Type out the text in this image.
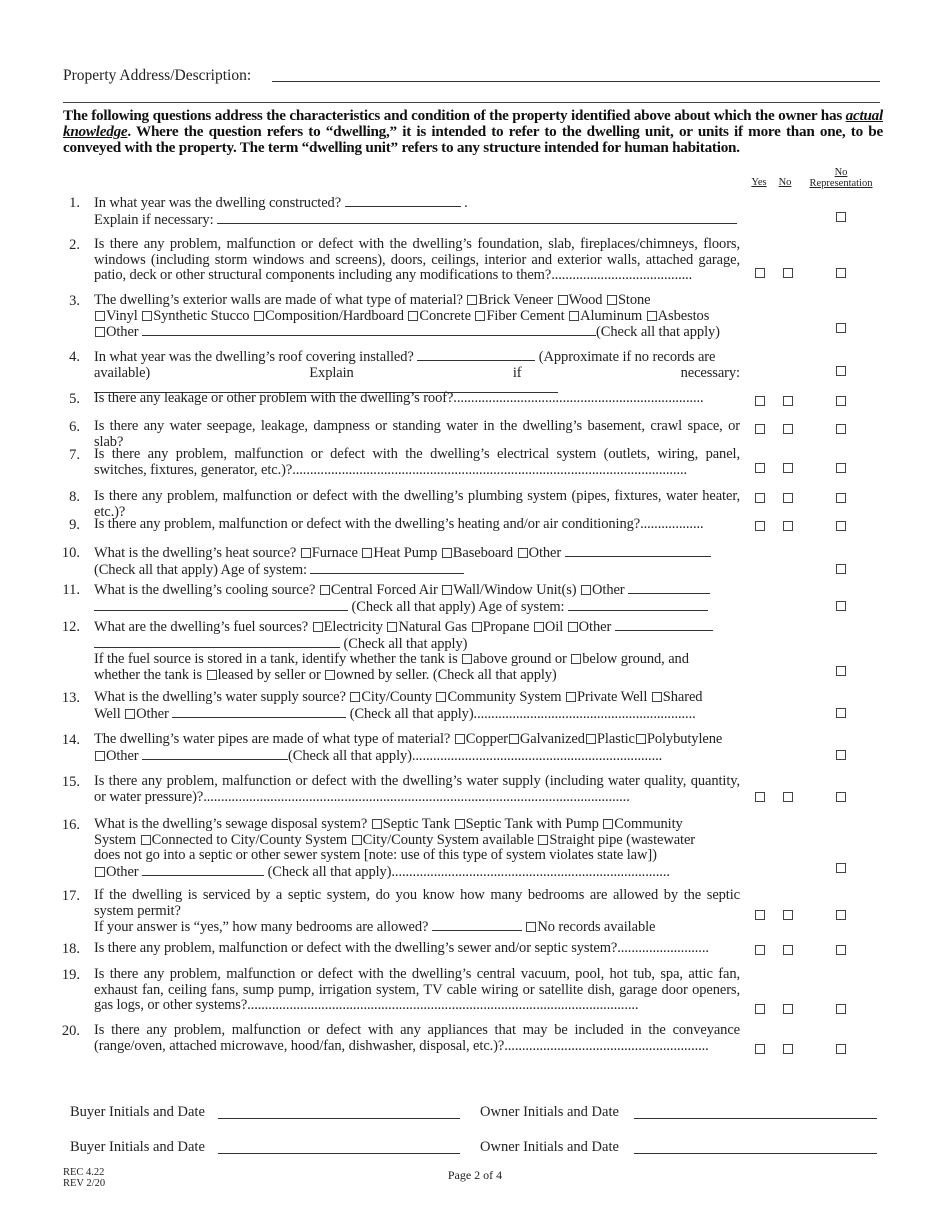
Property Address/Description:
The following questions address the characteristics and condition of the property identified above about which the owner has actual knowledge. Where the question refers to “dwelling,” it is intended to refer to the dwelling unit, or units if more than one, to be conveyed with the property. The term “dwelling unit” refers to any structure intended for human habitation.
Yes	No
No
Representation
1. In what year was the dwelling constructed?	.
Explain if necessary:
2. Is there any problem, malfunction or defect with the dwelling’s foundation, slab, fireplaces/chimneys, floors, windows (including storm windows and screens), doors, ceilings, interior and exterior walls, attached garage, patio, deck or other structural components including any modifications to them?........................................
3. The dwelling’s exterior walls are made of what type of material? Brick Veneer Wood Stone
Vinyl Synthetic Stucco Composition/Hardboard Concrete Fiber Cement Aluminum Asbestos
Other	(Check all that apply)
4. In what year was the dwelling’s roof covering installed?	(Approximate if no records are
available) Explain if necessary:
5. Is there any leakage or other problem with the dwelling’s roof?.......................................................................
6. Is there any water seepage, leakage, dampness or standing water in the dwelling’s basement, crawl space, or slab?
7. Is there any problem, malfunction or defect with the dwelling’s electrical system (outlets, wiring, panel, switches, fixtures, generator, etc.)?................................................................................................................
8. Is there any problem, malfunction or defect with the dwelling’s plumbing system (pipes, fixtures, water heater, etc.)?
9. Is there any problem, malfunction or defect with the dwelling’s heating and/or air conditioning?..................
10. What is the dwelling’s heat source? Furnace Heat Pump Baseboard Other
(Check all that apply) Age of system:
11. What is the dwelling’s cooling source? Central Forced Air Wall/Window Unit(s) Other
(Check all that apply) Age of system:
12. What are the dwelling’s fuel sources? Electricity Natural Gas Propane Oil Other
(Check all that apply)
If the fuel source is stored in a tank, identify whether the tank is above ground or below ground, and
whether the tank is leased by seller or owned by seller. (Check all that apply)
13. What is the dwelling’s water supply source? City/County Community System Private Well Shared
Well Other	(Check all that apply)...............................................................
14. The dwelling’s water pipes are made of what type of material? Copper Galvanized Plastic Polybutylene
Other	(Check all that apply).......................................................................
15. Is there any problem, malfunction or defect with the dwelling’s water supply (including water quality, quantity, or water pressure)?.........................................................................................................................
16. What is the dwelling’s sewage disposal system? Septic Tank Septic Tank with Pump Community
System Connected to City/County System City/County System available Straight pipe (wastewater
does not go into a septic or other sewer system [note: use of this type of system violates state law])
Other	(Check all that apply)...............................................................................
17. If the dwelling is serviced by a septic system, do you know how many bedrooms are allowed by the septic system permit?
If your answer is “yes,” how many bedrooms are allowed?	No records available
18. Is there any problem, malfunction or defect with the dwelling’s sewer and/or septic system?..........................
19. Is there any problem, malfunction or defect with the dwelling’s central vacuum, pool, hot tub, spa, attic fan, exhaust fan, ceiling fans, sump pump, irrigation system, TV cable wiring or satellite dish, garage door openers, gas logs, or other systems?...............................................................................................................
20. Is there any problem, malfunction or defect with any appliances that may be included in the conveyance (range/oven, attached microwave, hood/fan, dishwasher, disposal, etc.)?..........................................................
Buyer Initials and Date	Owner Initials and Date
Buyer Initials and Date	Owner Initials and Date
REC 4.22
REV 2/20
Page 2 of 4
